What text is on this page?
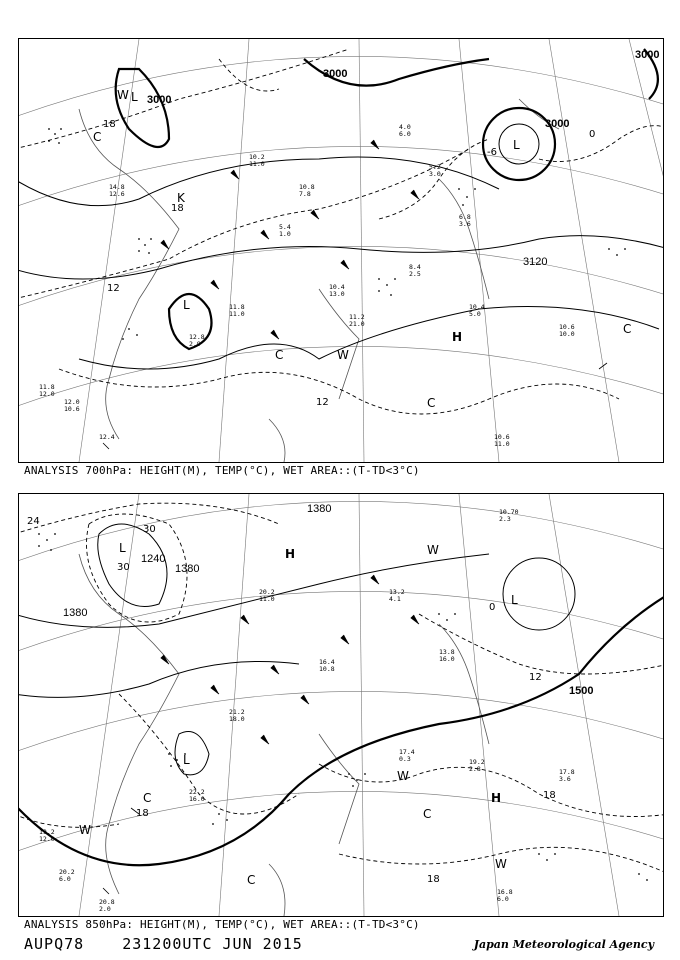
10.2
11.0
10.8
7.8
4.0
6.0
5.2
3.0
10.4
13.0
10.4
5.0
10.6
10.0
10.6
11.0
11.8
12.0
12.0
10.6
11.2
21.0
14.8
12.6
12.8
2.9
6.8
3.6
11.8
11.0
8.4
2.5
5.4
1.0
12.4
3000
3000
3000
3000
3120
18
18
12
12
0
-6
L
L
L
H
W
W
C
C
C
C
K
ANALYSIS 700hPa: HEIGHT(M), TEMP(°C), WET AREA::(T-TD<3°C)
20.2
11.0
16.4
10.8
13.2
4.1
13.8
16.0
17.4
0.3	19.2
2.8	17.8
3.6
16.8
6.0
19.2
12.0
20.2
6.0
20.8
2.0
22.2
16.0
10.70
2.3
21.2
18.0
1380
1380
1380
1500
1240
24
30
30
18
18
18
12
0
L
L
L
H
H
W
W
W
W
C
C
C
ANALYSIS 850hPa: HEIGHT(M), TEMP(°C), WET AREA::(T-TD<3°C)
AUPQ78	231200UTC JUN 2015	Japan Meteorological Agency
